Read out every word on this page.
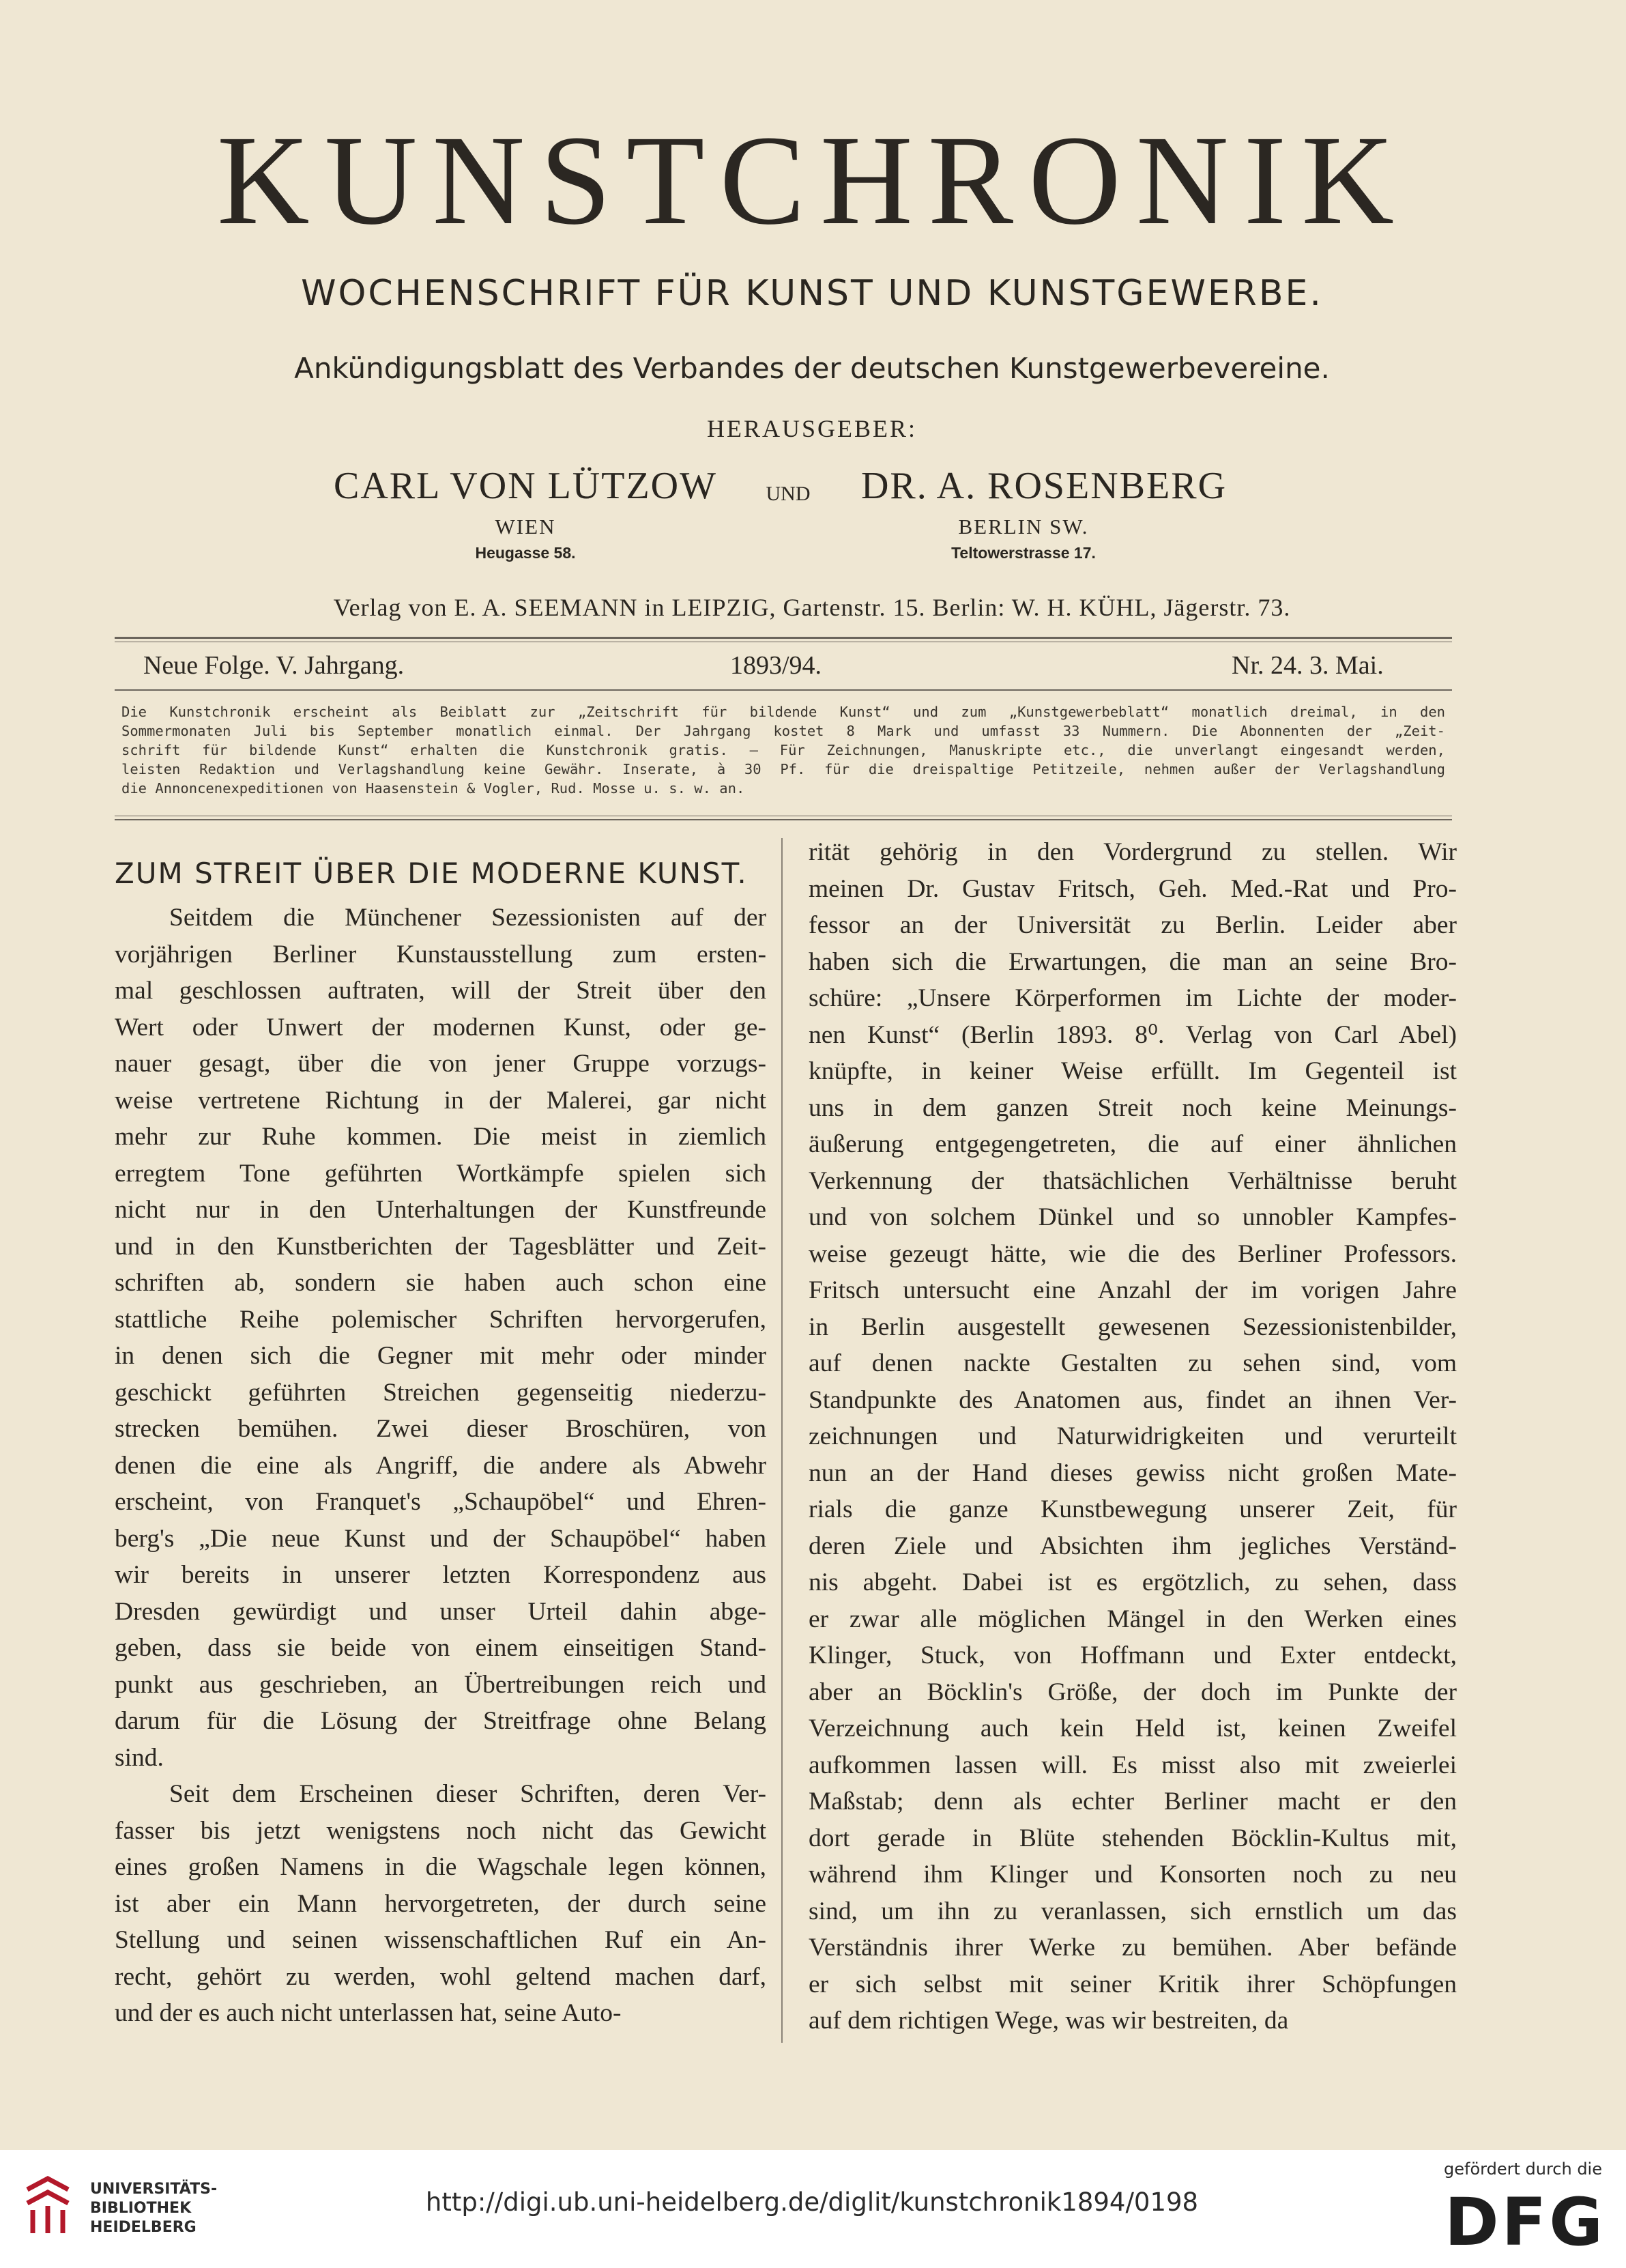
KUNSTCHRONIK
WOCHENSCHRIFT FÜR KUNST UND KUNSTGEWERBE.
Ankündigungsblatt des Verbandes der deutschen Kunstgewerbevereine.
HERAUSGEBER:
CARL VON LÜTZOW	UND	DR. A. ROSENBERG
WIEN	BERLIN SW.
Heugasse 58.	Teltowerstrasse 17.
Verlag von E. A. SEEMANN in LEIPZIG, Gartenstr. 15. Berlin: W. H. KÜHL, Jägerstr. 73.
Neue Folge. V. Jahrgang.	1893/94.	Nr. 24. 3. Mai.
Die Kunstchronik erscheint als Beiblatt zur „Zeitschrift für bildende Kunst“ und zum „Kunstgewerbeblatt“ monatlich dreimal, in den
Sommermonaten Juli bis September monatlich einmal. Der Jahrgang kostet 8 Mark und umfasst 33 Nummern. Die Abonnenten der „Zeit-
schrift für bildende Kunst“ erhalten die Kunstchronik gratis. — Für Zeichnungen, Manuskripte etc., die unverlangt eingesandt werden,
leisten Redaktion und Verlagshandlung keine Gewähr. Inserate, à 30 Pf. für die dreispaltige Petitzeile, nehmen außer der Verlagshandlung
die Annoncenexpeditionen von Haasenstein & Vogler, Rud. Mosse u. s. w. an.
ZUM STREIT ÜBER DIE MODERNE KUNST.
Seitdem die Münchener Sezessionisten auf der
vorjährigen Berliner Kunstausstellung zum ersten-
mal geschlossen auftraten, will der Streit über den
Wert oder Unwert der modernen Kunst, oder ge-
nauer gesagt, über die von jener Gruppe vorzugs-
weise vertretene Richtung in der Malerei, gar nicht
mehr zur Ruhe kommen. Die meist in ziemlich
erregtem Tone geführten Wortkämpfe spielen sich
nicht nur in den Unterhaltungen der Kunstfreunde
und in den Kunstberichten der Tagesblätter und Zeit-
schriften ab, sondern sie haben auch schon eine
stattliche Reihe polemischer Schriften hervorgerufen,
in denen sich die Gegner mit mehr oder minder
geschickt geführten Streichen gegenseitig niederzu-
strecken bemühen. Zwei dieser Broschüren, von
denen die eine als Angriff, die andere als Abwehr
erscheint, von Franquet's „Schaupöbel“ und Ehren-
berg's „Die neue Kunst und der Schaupöbel“ haben
wir bereits in unserer letzten Korrespondenz aus
Dresden gewürdigt und unser Urteil dahin abge-
geben, dass sie beide von einem einseitigen Stand-
punkt aus geschrieben, an Übertreibungen reich und
darum für die Lösung der Streitfrage ohne Belang
sind.
Seit dem Erscheinen dieser Schriften, deren Ver-
fasser bis jetzt wenigstens noch nicht das Gewicht
eines großen Namens in die Wagschale legen können,
ist aber ein Mann hervorgetreten, der durch seine
Stellung und seinen wissenschaftlichen Ruf ein An-
recht, gehört zu werden, wohl geltend machen darf,
und der es auch nicht unterlassen hat, seine Auto-
rität gehörig in den Vordergrund zu stellen. Wir
meinen Dr. Gustav Fritsch, Geh. Med.-Rat und Pro-
fessor an der Universität zu Berlin. Leider aber
haben sich die Erwartungen, die man an seine Bro-
schüre: „Unsere Körperformen im Lichte der moder-
nen Kunst“ (Berlin 1893. 8⁰. Verlag von Carl Abel)
knüpfte, in keiner Weise erfüllt. Im Gegenteil ist
uns in dem ganzen Streit noch keine Meinungs-
äußerung entgegengetreten, die auf einer ähnlichen
Verkennung der thatsächlichen Verhältnisse beruht
und von solchem Dünkel und so unnobler Kampfes-
weise gezeugt hätte, wie die des Berliner Professors.
Fritsch untersucht eine Anzahl der im vorigen Jahre
in Berlin ausgestellt gewesenen Sezessionistenbilder,
auf denen nackte Gestalten zu sehen sind, vom
Standpunkte des Anatomen aus, findet an ihnen Ver-
zeichnungen und Naturwidrigkeiten und verurteilt
nun an der Hand dieses gewiss nicht großen Mate-
rials die ganze Kunstbewegung unserer Zeit, für
deren Ziele und Absichten ihm jegliches Verständ-
nis abgeht. Dabei ist es ergötzlich, zu sehen, dass
er zwar alle möglichen Mängel in den Werken eines
Klinger, Stuck, von Hoffmann und Exter entdeckt,
aber an Böcklin's Größe, der doch im Punkte der
Verzeichnung auch kein Held ist, keinen Zweifel
aufkommen lassen will. Es misst also mit zweierlei
Maßstab; denn als echter Berliner macht er den
dort gerade in Blüte stehenden Böcklin-Kultus mit,
während ihm Klinger und Konsorten noch zu neu
sind, um ihn zu veranlassen, sich ernstlich um das
Verständnis ihrer Werke zu bemühen. Aber befände
er sich selbst mit seiner Kritik ihrer Schöpfungen
auf dem richtigen Wege, was wir bestreiten, da
UNIVERSITÄTS-
BIBLIOTHEK
HEIDELBERG
http://digi.ub.uni-heidelberg.de/diglit/kunstchronik1894/0198
gefördert durch die
DFG
